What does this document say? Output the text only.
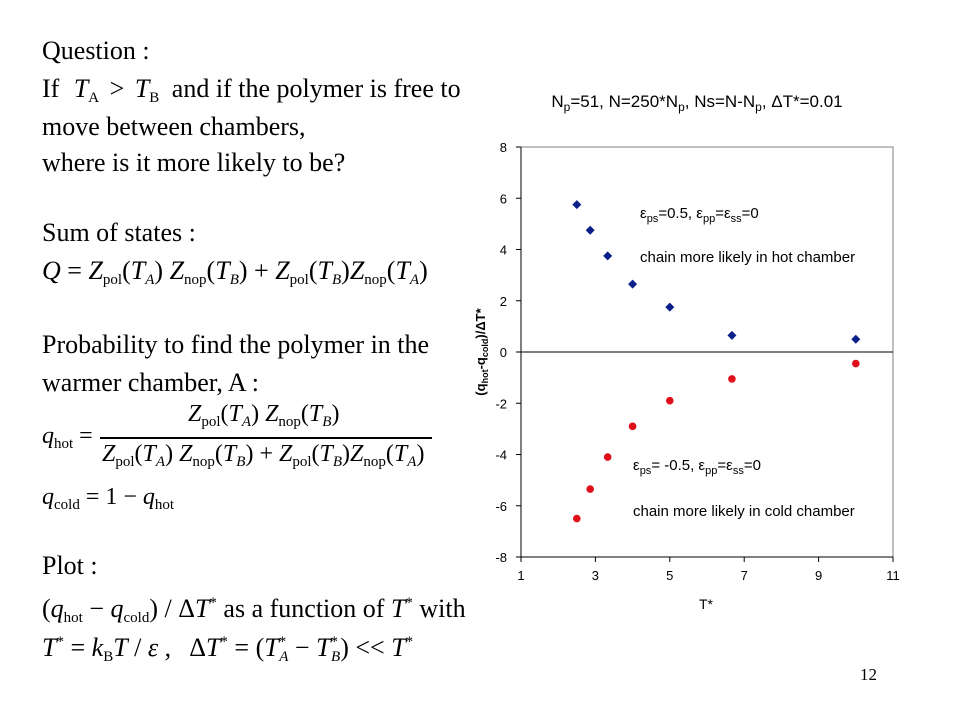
Question :
If $T_A > T_B$ and if the polymer is free to
move between chambers,
where is it more likely to be?
Sum of states :
$Q = Z_{pol}(TA) Z_{nop}(TB) + Z_{pol}(TB)Z_{nop}(TA)$
Probability to find the polymer in the
warmer chamber, A :
$q_{hot}$ =
$Z_{pol}(T_A)$ $Z_{nop}(T_B)$
$Z_{pol}(T_A) Z_{nop}(T_B) + Z_{pol}(T_B)Z_{nop}(T_A)$
$q_{cold} = 1 - q_{hot}$
Plot :
$(q_{hot} - q_{cold}) / \Delta T^*$ as a function of T* with
$T^* = k_BT / \varepsilon$ ,   ΔT* = (T*A − T*B) << T*
$N_p=51$, $N=250*N_p$, $Ns=N-N_p$, ΔT*=0.01
1	3	5	7	9	11
-8
-6
-4
-2
0
2
4
6
8
$\varepsilon_{ps}=0.5$, $\varepsilon_{pp}=\varepsilon_{ss}=0$
chain more likely in hot chamber
$\varepsilon_{ps}= -0.5$, $\varepsilon_{pp}=\varepsilon_{ss}=0$
chain more likely in cold chamber
T*
$(q_{hot}-q_{cold})/\Delta T*$
12
